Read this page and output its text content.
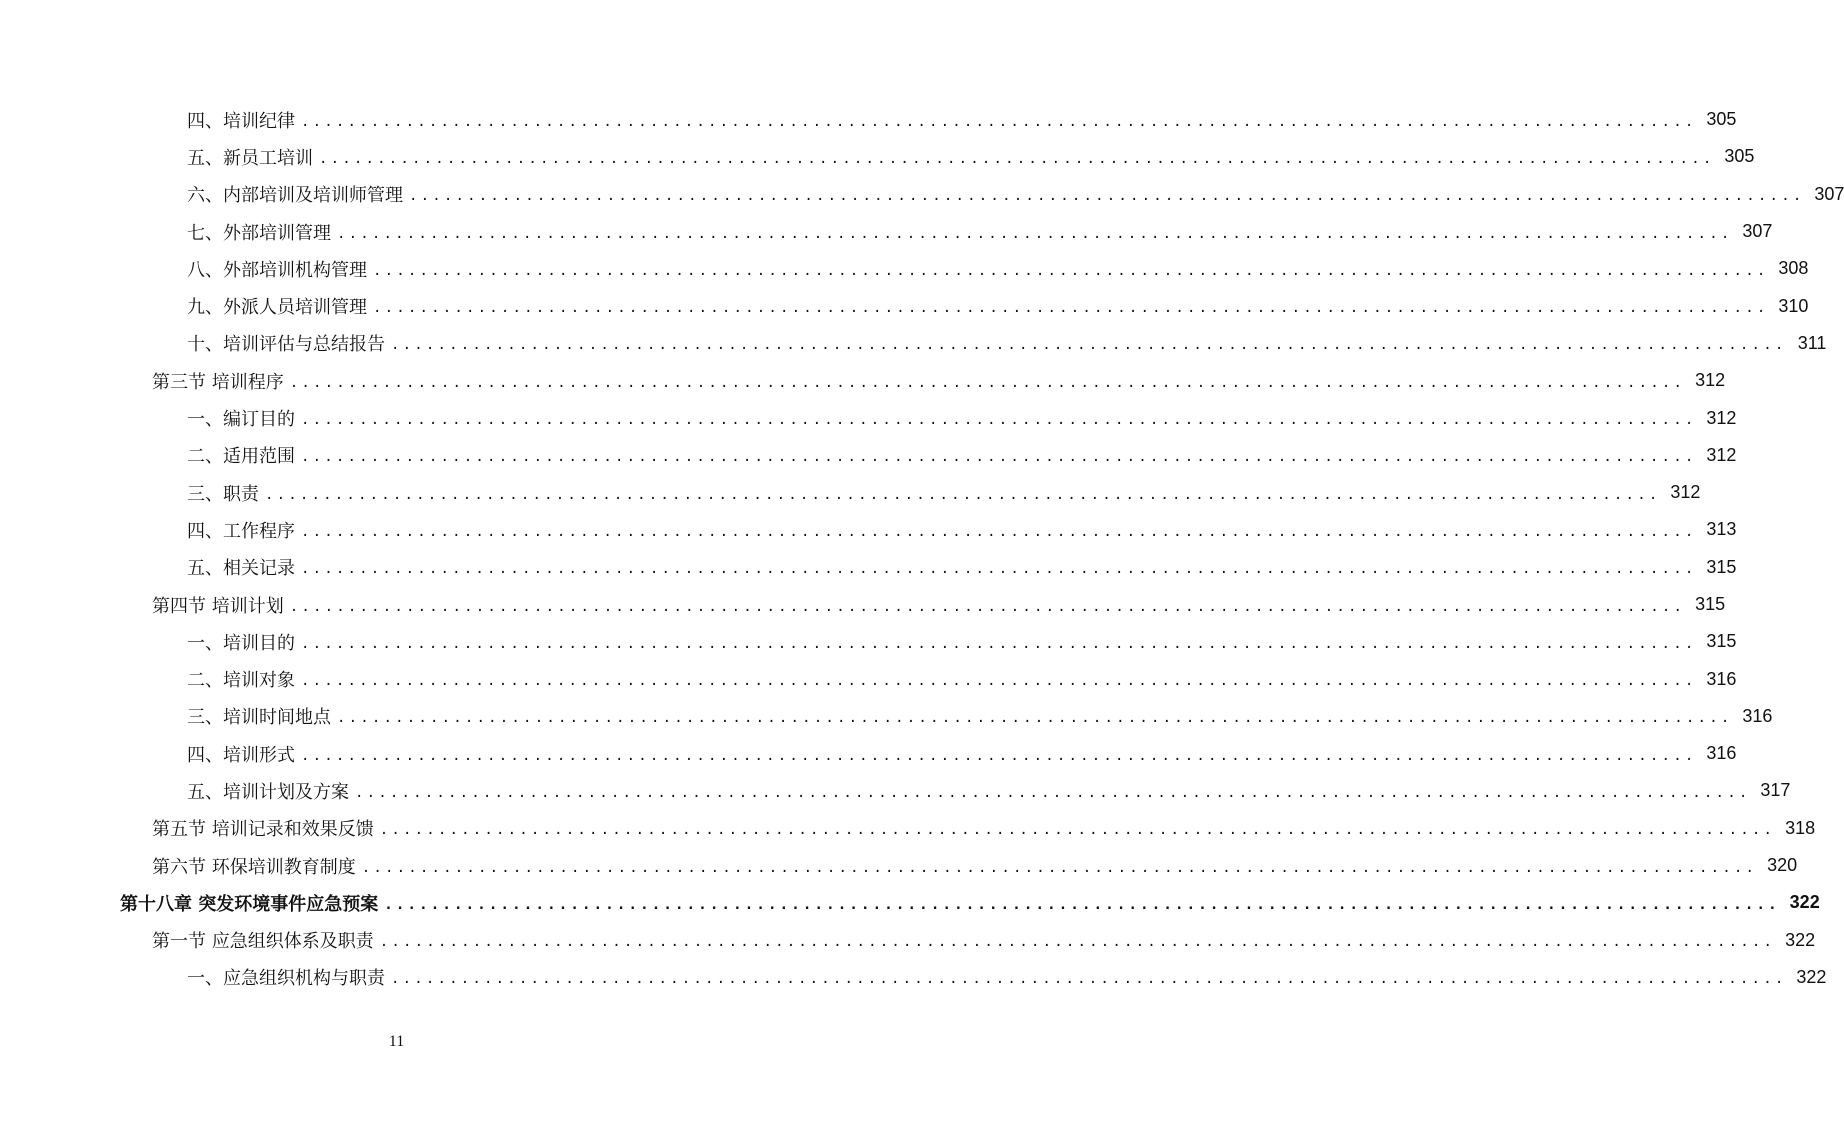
四、培训纪律 ........................................................................................................................ 305
五、新员工培训 ........................................................................................................................ 305
六、内部培训及培训师管理 ........................................................................................................................ 307
七、外部培训管理 ........................................................................................................................ 307
八、外部培训机构管理 ........................................................................................................................ 308
九、外派人员培训管理 ........................................................................................................................ 310
十、培训评估与总结报告 ........................................................................................................................ 311
第三节 培训程序 ........................................................................................................................ 312
一、编订目的 ........................................................................................................................ 312
二、适用范围 ........................................................................................................................ 312
三、职责 ........................................................................................................................ 312
四、工作程序 ........................................................................................................................ 313
五、相关记录 ........................................................................................................................ 315
第四节 培训计划 ........................................................................................................................ 315
一、培训目的 ........................................................................................................................ 315
二、培训对象 ........................................................................................................................ 316
三、培训时间地点 ........................................................................................................................ 316
四、培训形式 ........................................................................................................................ 316
五、培训计划及方案 ........................................................................................................................ 317
第五节 培训记录和效果反馈 ........................................................................................................................ 318
第六节 环保培训教育制度 ........................................................................................................................ 320
第十八章 突发环境事件应急预案 ........................................................................................................................ 322
第一节 应急组织体系及职责 ........................................................................................................................ 322
一、应急组织机构与职责 ........................................................................................................................ 322
11
